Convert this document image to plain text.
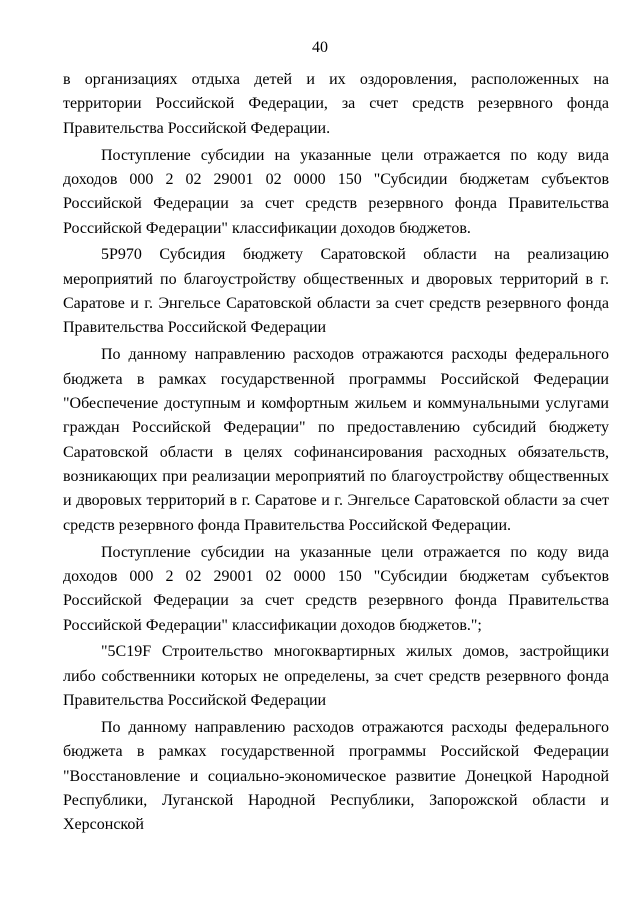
40

в организациях отдыха детей и их оздоровления, расположенных на территории Российской Федерации, за счет средств резервного фонда Правительства Российской Федерации.

Поступление субсидии на указанные цели отражается по коду вида доходов 000 2 02 29001 02 0000 150 "Субсидии бюджетам субъектов Российской Федерации за счет средств резервного фонда Правительства Российской Федерации" классификации доходов бюджетов.

5Р970 Субсидия бюджету Саратовской области на реализацию мероприятий по благоустройству общественных и дворовых территорий в г. Саратове и г. Энгельсе Саратовской области за счет средств резервного фонда Правительства Российской Федерации

По данному направлению расходов отражаются расходы федерального бюджета в рамках государственной программы Российской Федерации "Обеспечение доступным и комфортным жильем и коммунальными услугами граждан Российской Федерации" по предоставлению субсидий бюджету Саратовской области в целях софинансирования расходных обязательств, возникающих при реализации мероприятий по благоустройству общественных и дворовых территорий в г. Саратове и г. Энгельсе Саратовской области за счет средств резервного фонда Правительства Российской Федерации.

Поступление субсидии на указанные цели отражается по коду вида доходов 000 2 02 29001 02 0000 150 "Субсидии бюджетам субъектов Российской Федерации за счет средств резервного фонда Правительства Российской Федерации" классификации доходов бюджетов.";

"5С19F Строительство многоквартирных жилых домов, застройщики либо собственники которых не определены, за счет средств резервного фонда Правительства Российской Федерации

По данному направлению расходов отражаются расходы федерального бюджета в рамках государственной программы Российской Федерации "Восстановление и социально-экономическое развитие Донецкой Народной Республики, Луганской Народной Республики, Запорожской области и Херсонской
